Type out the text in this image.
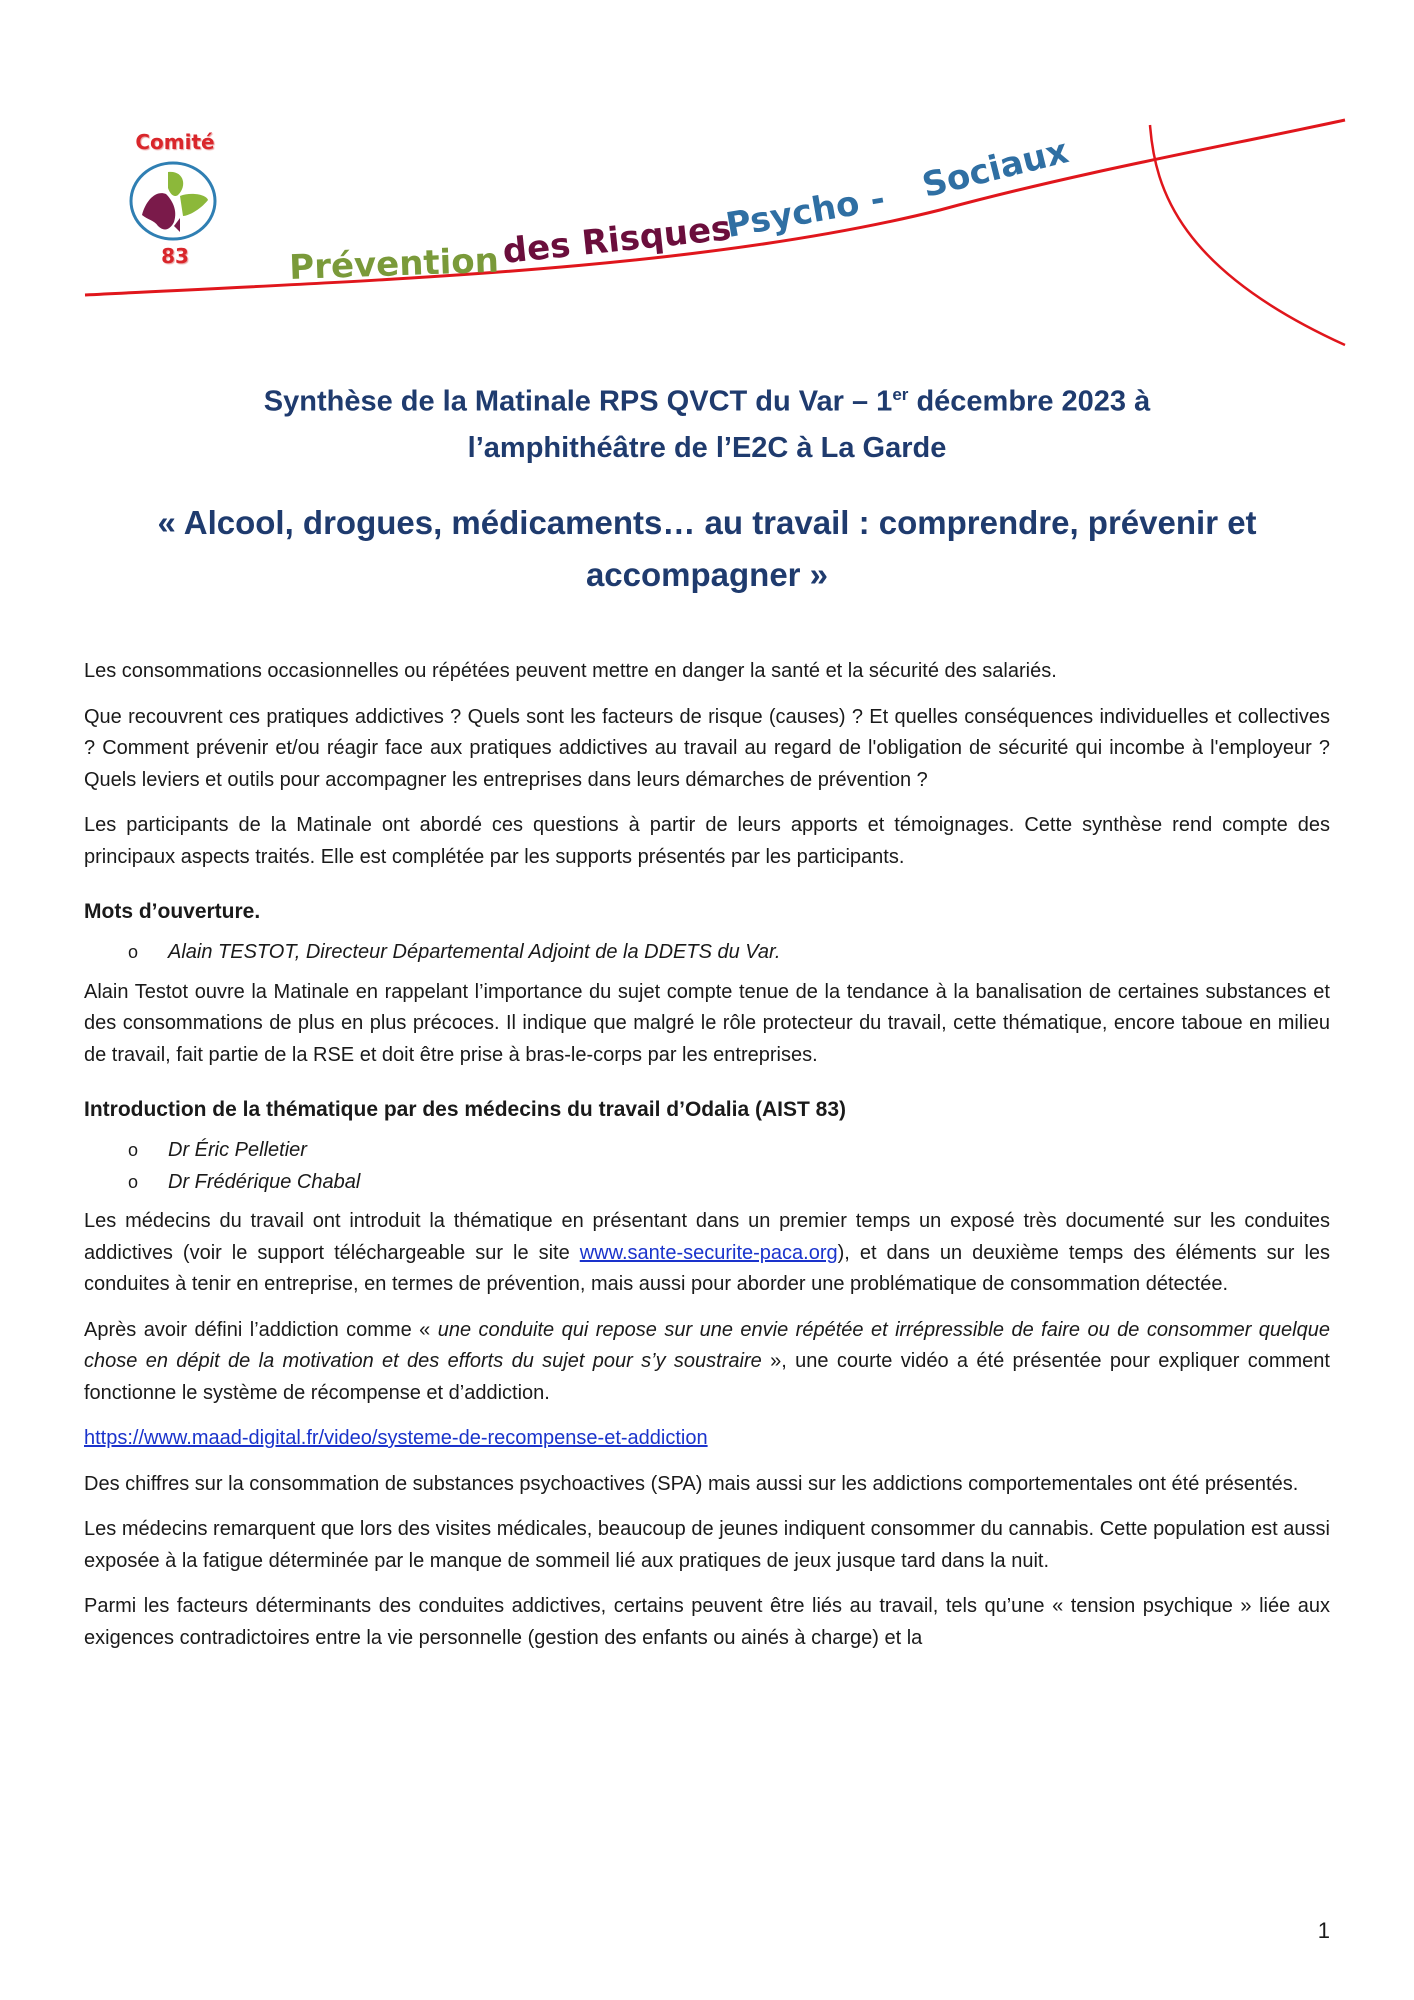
Comité
83	Prévention des Risques
Psycho -
Sociaux
Synthèse de la Matinale RPS QVCT du Var – 1er décembre 2023 à
l’amphithéâtre de l’E2C à La Garde
« Alcool, drogues, médicaments… au travail : comprendre, prévenir et accompagner »

Les consommations occasionnelles ou répétées peuvent mettre en danger la santé et la sécurité des salariés.

Que recouvrent ces pratiques addictives ? Quels sont les facteurs de risque (causes) ? Et quelles conséquences individuelles et collectives ? Comment prévenir et/ou réagir face aux pratiques addictives au travail au regard de l'obligation de sécurité qui incombe à l'employeur ? Quels leviers et outils pour accompagner les entreprises dans leurs démarches de prévention ?

Les participants de la Matinale ont abordé ces questions à partir de leurs apports et témoignages. Cette synthèse rend compte des principaux aspects traités. Elle est complétée par les supports présentés par les participants.

Mots d’ouverture.
o Alain TESTOT, Directeur Départemental Adjoint de la DDETS du Var.

Alain Testot ouvre la Matinale en rappelant l’importance du sujet compte tenue de la tendance à la banalisation de certaines substances et des consommations de plus en plus précoces. Il indique que malgré le rôle protecteur du travail, cette thématique, encore taboue en milieu de travail, fait partie de la RSE et doit être prise à bras-le-corps par les entreprises.

Introduction de la thématique par des médecins du travail d’Odalia (AIST 83)
o Dr Éric Pelletier
o Dr Frédérique Chabal

Les médecins du travail ont introduit la thématique en présentant dans un premier temps un exposé très documenté sur les conduites addictives (voir le support téléchargeable sur le site www.sante-securite-paca.org), et dans un deuxième temps des éléments sur les conduites à tenir en entreprise, en termes de prévention, mais aussi pour aborder une problématique de consommation détectée.

Après avoir défini l’addiction comme « une conduite qui repose sur une envie répétée et irrépressible de faire ou de consommer quelque chose en dépit de la motivation et des efforts du sujet pour s’y soustraire », une courte vidéo a été présentée pour expliquer comment fonctionne le système de récompense et d’addiction.

https://www.maad-digital.fr/video/systeme-de-recompense-et-addiction

Des chiffres sur la consommation de substances psychoactives (SPA) mais aussi sur les addictions comportementales ont été présentés.

Les médecins remarquent que lors des visites médicales, beaucoup de jeunes indiquent consommer du cannabis. Cette population est aussi exposée à la fatigue déterminée par le manque de sommeil lié aux pratiques de jeux jusque tard dans la nuit.

Parmi les facteurs déterminants des conduites addictives, certains peuvent être liés au travail, tels qu’une « tension psychique » liée aux exigences contradictoires entre la vie personnelle (gestion des enfants ou ainés à charge) et la

1
